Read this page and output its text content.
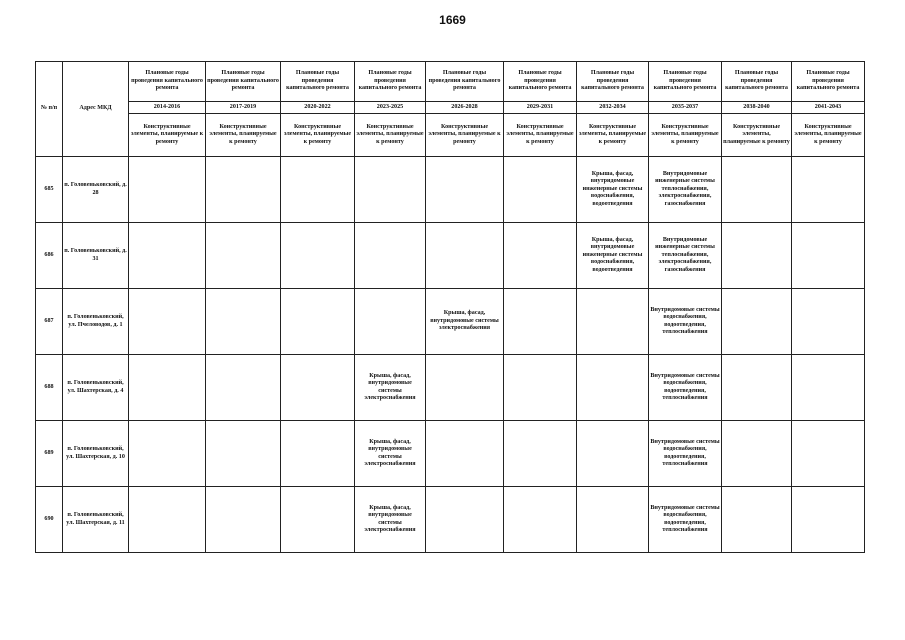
1669
№ п/п	Адрес МКД	Плановые годы проведения капитального ремонта	Плановые годы проведения капитального ремонта	Плановые годы проведения капитального ремонта	Плановые годы проведения капитального ремонта	Плановые годы проведения капитального ремонта	Плановые годы проведения капитального ремонта	Плановые годы проведения капитального ремонта	Плановые годы проведения капитального ремонта	Плановые годы проведения капитального ремонта	Плановые годы проведения капитального ремонта
		2014-2016	2017-2019	2020-2022	2023-2025	2026-2028	2029-2031	2032-2034	2035-2037	2038-2040	2041-2043
		Конструктивные элементы, планируемые к ремонту	Конструктивные элементы, планируемые к ремонту	Конструктивные элементы, планируемые к ремонту	Конструктивные элементы, планируемые к ремонту	Конструктивные элементы, планируемые к ремонту	Конструктивные элементы, планируемые к ремонту	Конструктивные элементы, планируемые к ремонту	Конструктивные элементы, планируемые к ремонту	Конструктивные элементы, планируемые к ремонту	Конструктивные элементы, планируемые к ремонту
685	п. Головеньковский, д. 28							Крыша, фасад, внутридомовые инженерные системы водоснабжения, водоотведения	Внутридомовые инженерные системы теплоснабжения, электроснабжения, газоснабжения		
686	п. Головеньковский, д. 31							Крыша, фасад, внутридомовые инженерные системы водоснабжения, водоотведения	Внутридомовые инженерные системы теплоснабжения, электроснабжения, газоснабжения		
687	п. Головеньковский, ул. Пчеловодов, д. 1					Крыша, фасад, внутридомовые системы электроснабжения			Внутридомовые системы водоснабжения, водоотведения, теплоснабжения		
688	п. Головеньковский, ул. Шахтерская, д. 4				Крыша, фасад, внутридомовые системы электроснабжения				Внутридомовые системы водоснабжения, водоотведения, теплоснабжения		
689	п. Головеньковский, ул. Шахтерская, д. 10				Крыша, фасад, внутридомовые системы электроснабжения				Внутридомовые системы водоснабжения, водоотведения, теплоснабжения		
690	п. Головеньковский, ул. Шахтерская, д. 11				Крыша, фасад, внутридомовые системы электроснабжения				Внутридомовые системы водоснабжения, водоотведения, теплоснабжения		
